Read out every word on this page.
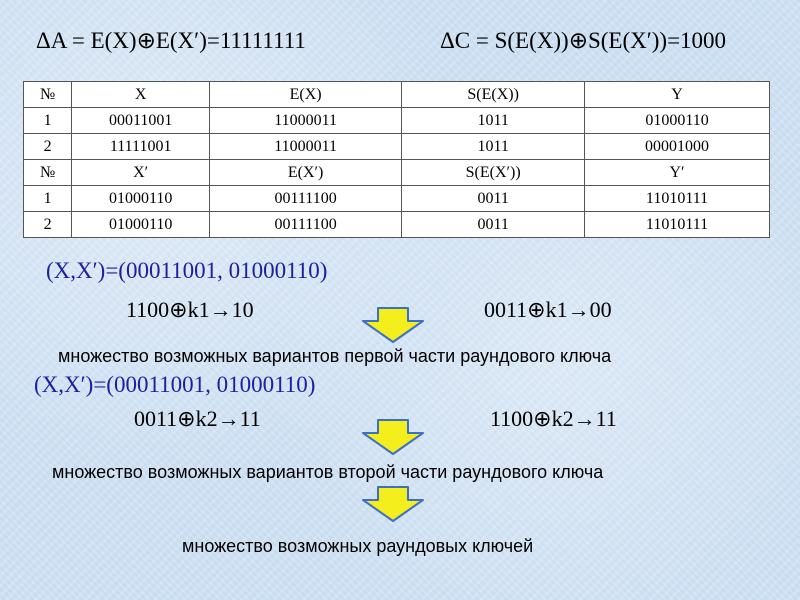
ΔA = E(X)⊕E(X′)=11111111	ΔC = S(E(X))⊕S(E(X′))=1000
№	X	E(X)	S(E(X))	Y
1	00011001	11000011	1011	01000110
2	11111001	11000011	1011	00001000
№	X′	E(X′)	S(E(X′))	Y′
1	01000110	00111100	0011	11010111
2	01000110	00111100	0011	11010111
(X,X′)=(00011001, 01000110)
1100⊕k1→10	0011⊕k1→00
множество возможных вариантов первой части раундового ключа
(X,X′)=(00011001, 01000110)
0011⊕k2→11	1100⊕k2→11
множество возможных вариантов второй части раундового ключа
множество возможных раундовых ключей
